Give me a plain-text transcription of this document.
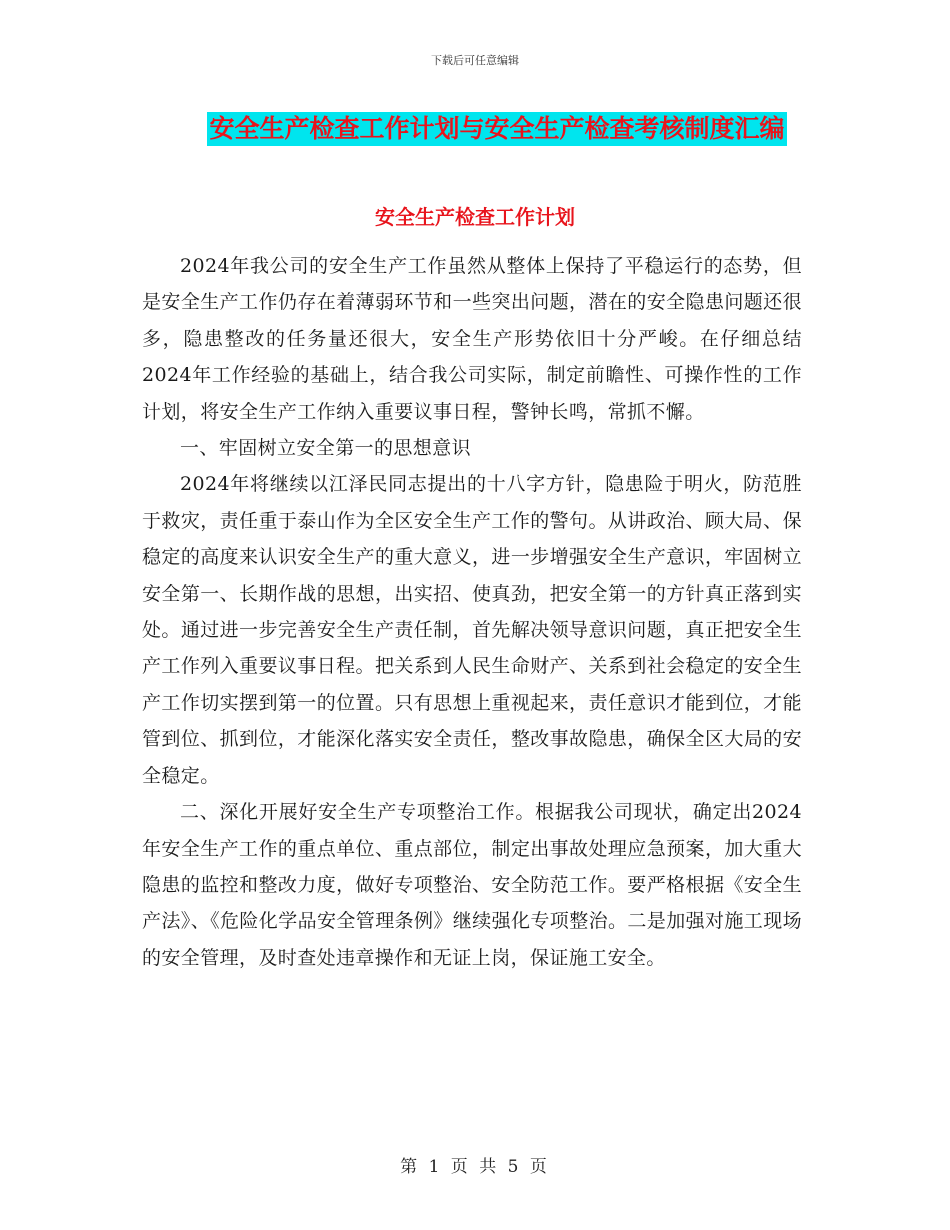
下载后可任意编辑
安全生产检查工作计划与安全生产检查考核制度汇编
安全生产检查工作计划

2024年我公司的安全生产工作虽然从整体上保持了平稳运行的态势，但是安全生产工作仍存在着薄弱环节和一些突出问题，潜在的安全隐患问题还很多，隐患整改的任务量还很大，安全生产形势依旧十分严峻。在仔细总结2024年工作经验的基础上，结合我公司实际，制定前瞻性、可操作性的工作计划，将安全生产工作纳入重要议事日程，警钟长鸣，常抓不懈。

一、牢固树立安全第一的思想意识

2024年将继续以江泽民同志提出的十八字方针，隐患险于明火，防范胜于救灾，责任重于泰山作为全区安全生产工作的警句。从讲政治、顾大局、保稳定的高度来认识安全生产的重大意义，进一步增强安全生产意识，牢固树立安全第一、长期作战的思想，出实招、使真劲，把安全第一的方针真正落到实处。通过进一步完善安全生产责任制，首先解决领导意识问题，真正把安全生产工作列入重要议事日程。把关系到人民生命财产、关系到社会稳定的安全生产工作切实摆到第一的位置。只有思想上重视起来，责任意识才能到位，才能管到位、抓到位，才能深化落实安全责任，整改事故隐患，确保全区大局的安全稳定。

二、深化开展好安全生产专项整治工作。根据我公司现状，确定出2024年安全生产工作的重点单位、重点部位，制定出事故处理应急预案，加大重大隐患的监控和整改力度，做好专项整治、安全防范工作。要严格根据《安全生产法》、《危险化学品安全管理条例》继续强化专项整治。二是加强对施工现场的安全管理，及时查处违章操作和无证上岗，保证施工安全。

第 1 页 共 5 页
